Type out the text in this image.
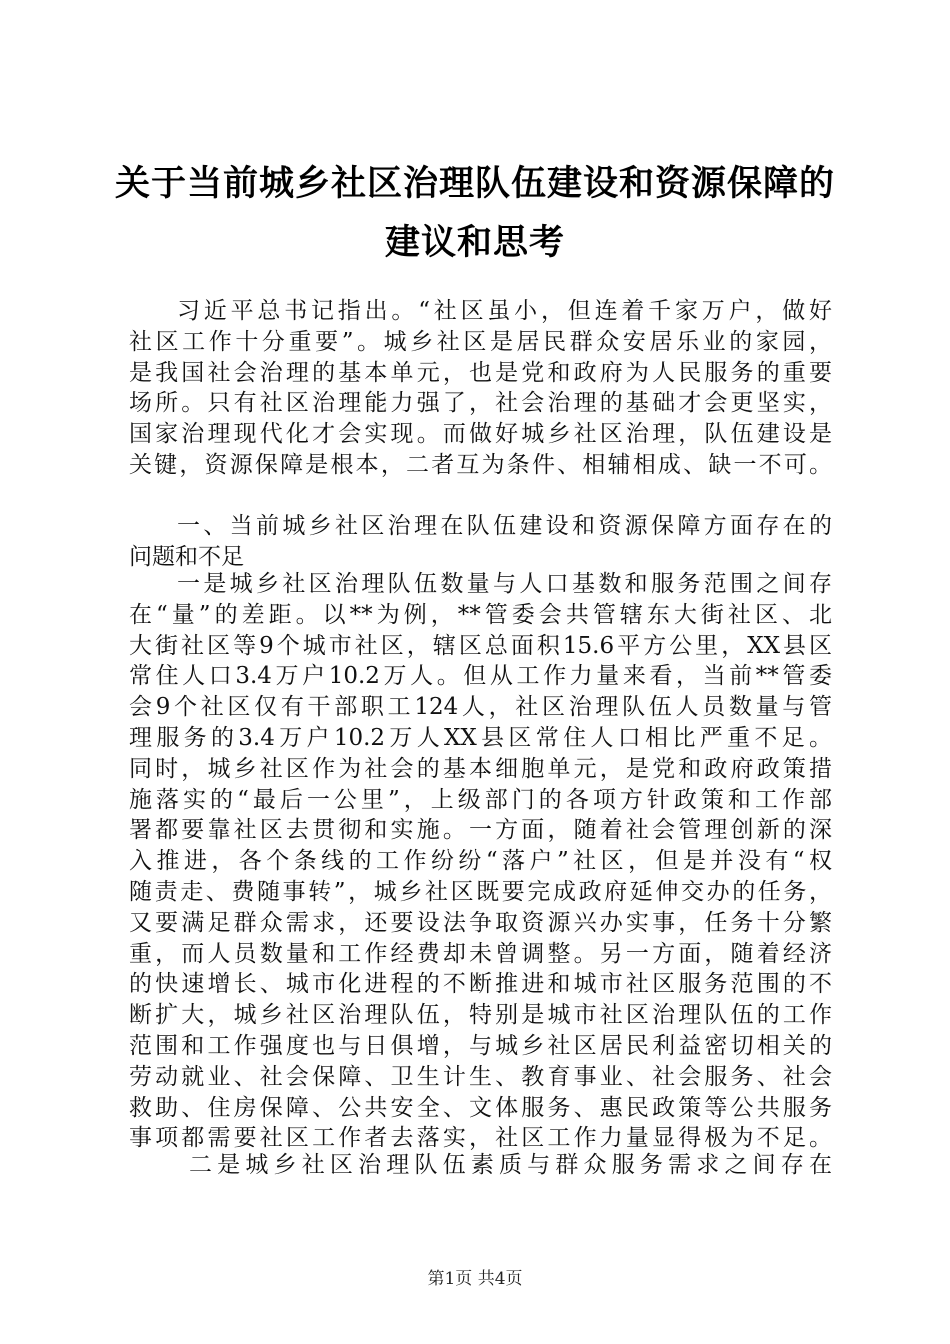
关于当前城乡社区治理队伍建设和资源保障的
建议和思考
习近平总书记指出。“社区虽小，但连着千家万户，做好
社区工作十分重要”。城乡社区是居民群众安居乐业的家园，
是我国社会治理的基本单元，也是党和政府为人民服务的重要
场所。只有社区治理能力强了，社会治理的基础才会更坚实，
国家治理现代化才会实现。而做好城乡社区治理，队伍建设是
关键，资源保障是根本，二者互为条件、相辅相成、缺一不可。
一、当前城乡社区治理在队伍建设和资源保障方面存在的
问题和不足
一是城乡社区治理队伍数量与人口基数和服务范围之间存
在“量”的差距。以**为例，**管委会共管辖东大街社区、北
大街社区等9个城市社区，辖区总面积15.6平方公里，XX县区
常住人口3.4万户10.2万人。但从工作力量来看，当前**管委
会9个社区仅有干部职工124人，社区治理队伍人员数量与管
理服务的3.4万户10.2万人XX县区常住人口相比严重不足。
同时，城乡社区作为社会的基本细胞单元，是党和政府政策措
施落实的“最后一公里”，上级部门的各项方针政策和工作部
署都要靠社区去贯彻和实施。一方面，随着社会管理创新的深
入推进，各个条线的工作纷纷“落户”社区，但是并没有“权
随责走、费随事转”，城乡社区既要完成政府延伸交办的任务，
又要满足群众需求，还要设法争取资源兴办实事，任务十分繁
重，而人员数量和工作经费却未曾调整。另一方面，随着经济
的快速增长、城市化进程的不断推进和城市社区服务范围的不
断扩大，城乡社区治理队伍，特别是城市社区治理队伍的工作
范围和工作强度也与日俱增，与城乡社区居民利益密切相关的
劳动就业、社会保障、卫生计生、教育事业、社会服务、社会
救助、住房保障、公共安全、文体服务、惠民政策等公共服务
事项都需要社区工作者去落实，社区工作力量显得极为不足。
二是城乡社区治理队伍素质与群众服务需求之间存在
第1页 共4页
